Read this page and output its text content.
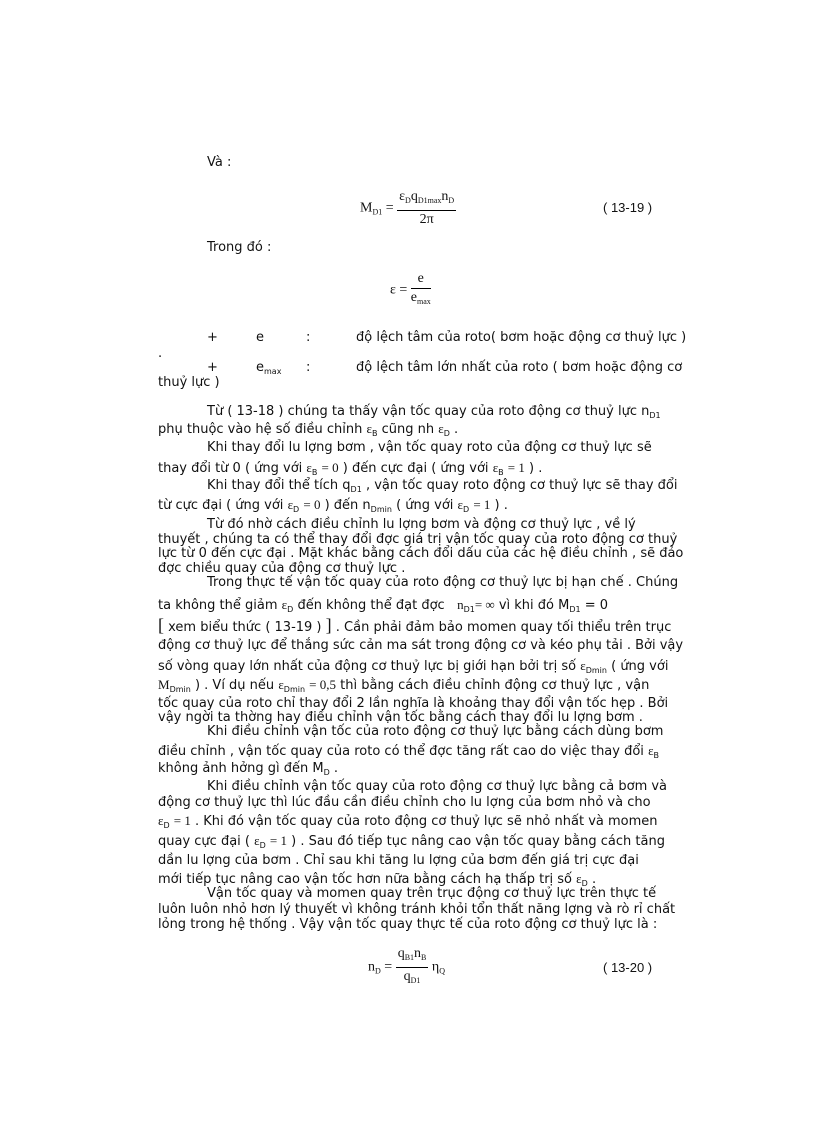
Và :
$M_{D1} = \frac{\varepsilon_Dq_{D1max}n_D}{2\pi}$	( 13-19 )
Trong đó :
$\varepsilon = \frac{e}{e_{max}}$
+	e	:	độ lệch tâm của roto( bơm hoặc động cơ thuỷ lực )
.
+	$e_{max}$ :	độ lệch tâm lớn nhất của roto ( bơm hoặc động cơ
thuỷ lực )
Từ ( 13-18 ) chúng ta thấy vận tốc quay của roto động cơ thuỷ lực $n_{D1}$
phụ thuộc vào hệ số điều chỉnh $\varepsilon_B$ cũng nh $\varepsilon_D$ .
Khi thay đổi lu lợng bơm , vận tốc quay roto của động cơ thuỷ lực sẽ
thay đổi từ 0 ( ứng với $\varepsilon_B = 0$ ) đến cực đại ( ứng với $\varepsilon_B = 1$ ) .
Khi thay đổi thể tích $q_{D1}$ , vận tốc quay roto động cơ thuỷ lực sẽ thay đổi
từ cực đại ( ứng với $\varepsilon_D = 0$ ) đến $n_{Dmin}$ ( ứng với $\varepsilon_D = 1$ ) .
Từ đó nhờ cách điều chỉnh lu lợng bơm và động cơ thuỷ lực , về lý
thuyết , chúng ta có thể thay đổi đợc giá trị vận tốc quay của roto động cơ thuỷ
lực từ 0 đến cực đại . Mặt khác bằng cách đổi dấu của các hệ điều chỉnh , sẽ đảo
đợc chiều quay của động cơ thuỷ lực .
Trong thực tế vận tốc quay của roto động cơ thuỷ lực bị hạn chế . Chúng
ta không thể giảm $\varepsilon_D$ đến không thể đạt đợc $n_{D1}=$ ∞ vì khi đó $M_{D1} = 0$
[ xem biểu thức ( 13-19 ) ] . Cần phải đảm bảo momen quay tối thiểu trên trục
động cơ thuỷ lực để thắng sức cản ma sát trong động cơ và kéo phụ tải . Bởi vậy
số vòng quay lớn nhất của động cơ thuỷ lực bị giới hạn bởi trị số $\varepsilon_{Dmin}$ ( ứng với
$M_{Dmin}$ ) . Ví dụ nếu $\varepsilon_{Dmin} = 0,5$ thì bằng cách điều chỉnh động cơ thuỷ lực , vận
tốc quay của roto chỉ thay đổi 2 lần nghĩa là khoảng thay đổi vận tốc hẹp . Bởi
vậy ngời ta thờng hay điều chỉnh vận tốc bằng cách thay đổi lu lợng bơm .
Khi điều chỉnh vận tốc của roto động cơ thuỷ lực bằng cách dùng bơm
điều chỉnh , vận tốc quay của roto có thể đợc tăng rất cao do việc thay đổi $\varepsilon_B$
không ảnh hởng gì đến $M_D$ .
Khi điều chỉnh vận tốc quay của roto động cơ thuỷ lực bằng cả bơm và
động cơ thuỷ lực thì lúc đầu cần điều chỉnh cho lu lợng của bơm nhỏ và cho
$\varepsilon_D = 1$ . Khi đó vận tốc quay của roto động cơ thuỷ lực sẽ nhỏ nhất và momen
quay cực đại ( $\varepsilon_D = 1$ ) . Sau đó tiếp tục nâng cao vận tốc quay bằng cách tăng
dần lu lợng của bơm . Chỉ sau khi tăng lu lợng của bơm đến giá trị cực đại
mới tiếp tục nâng cao vận tốc hơn nữa bằng cách hạ thấp trị số $\varepsilon_D$ .
Vận tốc quay và momen quay trên trục động cơ thuỷ lực trên thực tế
luôn luôn nhỏ hơn lý thuyết vì không tránh khỏi tổn thất năng lợng và rò rỉ chất
lỏng trong hệ thống . Vậy vận tốc quay thực tế của roto động cơ thuỷ lực là :
$n_D = \frac{q_{B1}n_B}{q_{D1}} \eta_Q$	( 13-20 )
